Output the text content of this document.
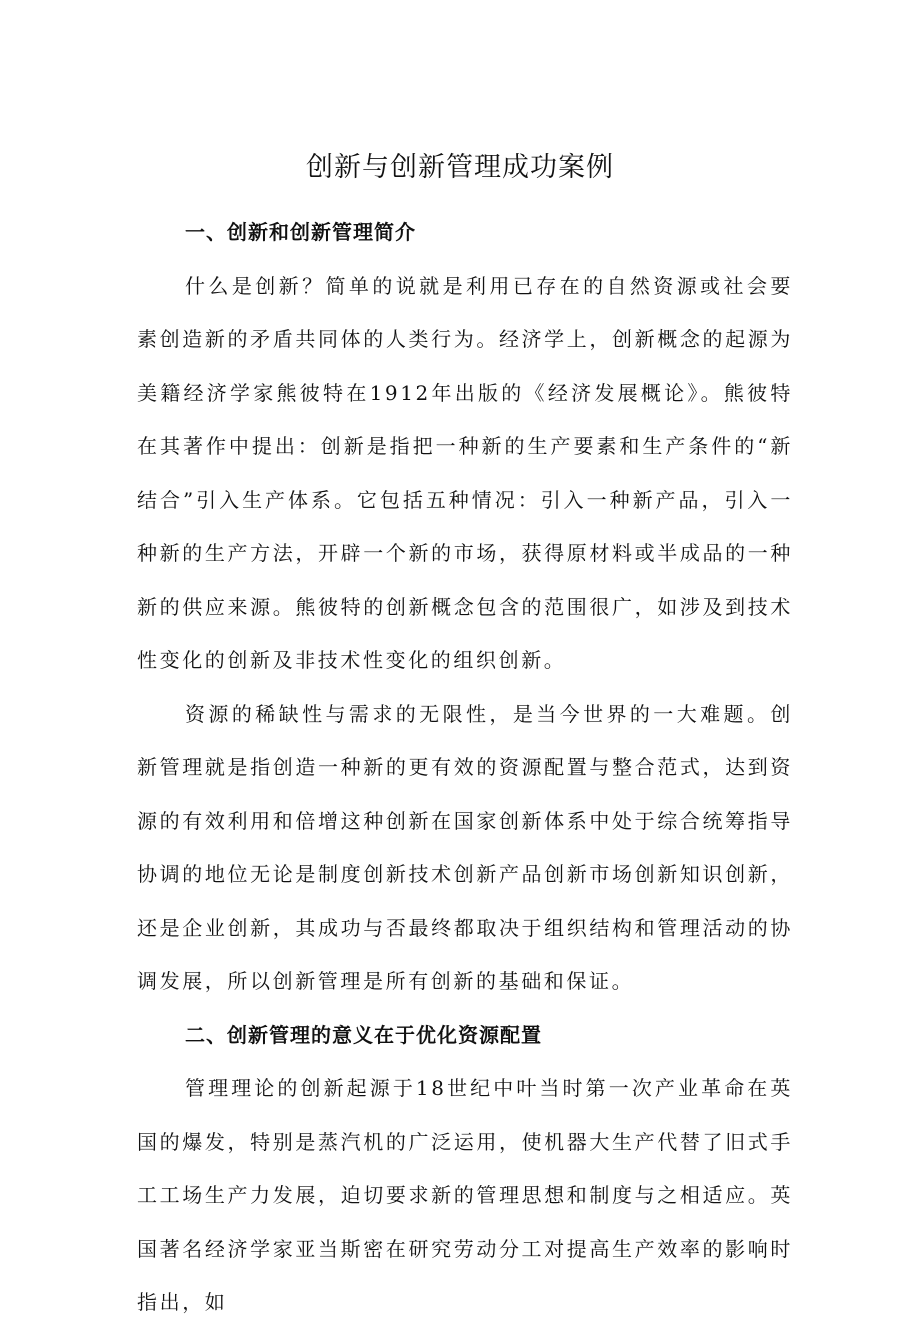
创新与创新管理成功案例
一、创新和创新管理简介

什么是创新？简单的说就是利用已存在的自然资源或社会要素创造新的矛盾共同体的人类行为。经济学上，创新概念的起源为美籍经济学家熊彼特在1912年出版的《经济发展概论》。熊彼特在其著作中提出：创新是指把一种新的生产要素和生产条件的“新结合”引入生产体系。它包括五种情况：引入一种新产品，引入一种新的生产方法，开辟一个新的市场，获得原材料或半成品的一种新的供应来源。熊彼特的创新概念包含的范围很广，如涉及到技术性变化的创新及非技术性变化的组织创新。

资源的稀缺性与需求的无限性，是当今世界的一大难题。创新管理就是指创造一种新的更有效的资源配置与整合范式，达到资源的有效利用和倍增这种创新在国家创新体系中处于综合统筹指导协调的地位无论是制度创新技术创新产品创新市场创新知识创新，还是企业创新，其成功与否最终都取决于组织结构和管理活动的协调发展，所以创新管理是所有创新的基础和保证。

二、创新管理的意义在于优化资源配置

管理理论的创新起源于18世纪中叶当时第一次产业革命在英国的爆发，特别是蒸汽机的广泛运用，使机器大生产代替了旧式手工工场生产力发展，迫切要求新的管理思想和制度与之相适应。英国著名经济学家亚当斯密在研究劳动分工对提高生产效率的影响时指出，如
